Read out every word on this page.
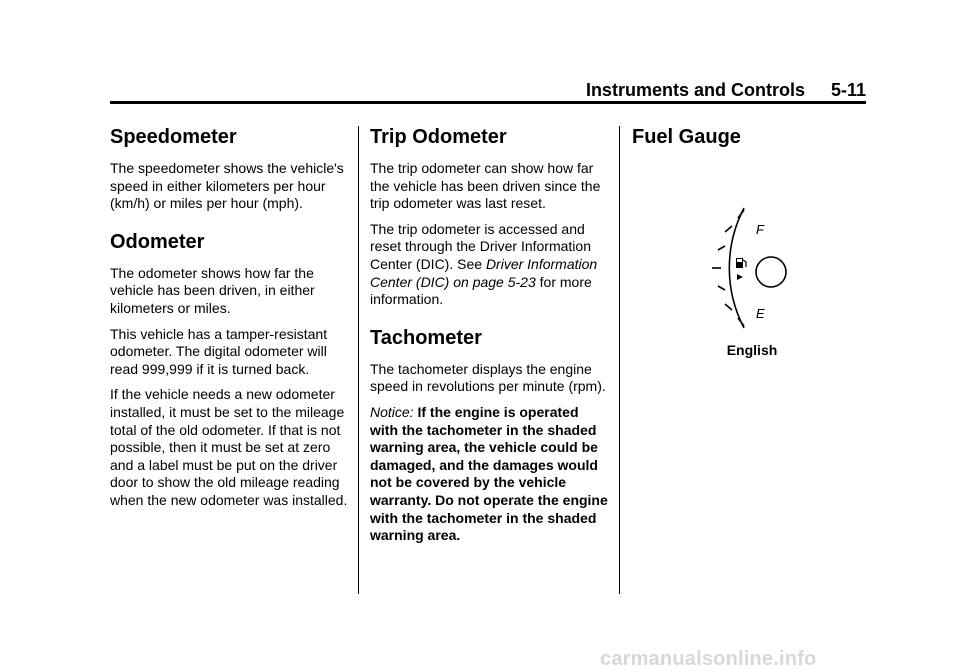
Instruments and Controls 5-11
Speedometer

The speedometer shows the vehicle's speed in either kilometers per hour (km/h) or miles per hour (mph).

Odometer

The odometer shows how far the vehicle has been driven, in either kilometers or miles.

This vehicle has a tamper-resistant odometer. The digital odometer will read 999,999 if it is turned back.

If the vehicle needs a new odometer installed, it must be set to the mileage total of the old odometer. If that is not possible, then it must be set at zero and a label must be put on the driver door to show the old mileage reading when the new odometer was installed.

Trip Odometer

The trip odometer can show how far the vehicle has been driven since the trip odometer was last reset.

The trip odometer is accessed and reset through the Driver Information Center (DIC). See Driver Information Center (DIC) on page 5-23 for more information.

Tachometer

The tachometer displays the engine speed in revolutions per minute (rpm).

Notice: If the engine is operated with the tachometer in the shaded warning area, the vehicle could be damaged, and the damages would not be covered by the vehicle warranty. Do not operate the engine with the tachometer in the shaded warning area.

Fuel Gauge
F
E
English
carmanualsonline.info
